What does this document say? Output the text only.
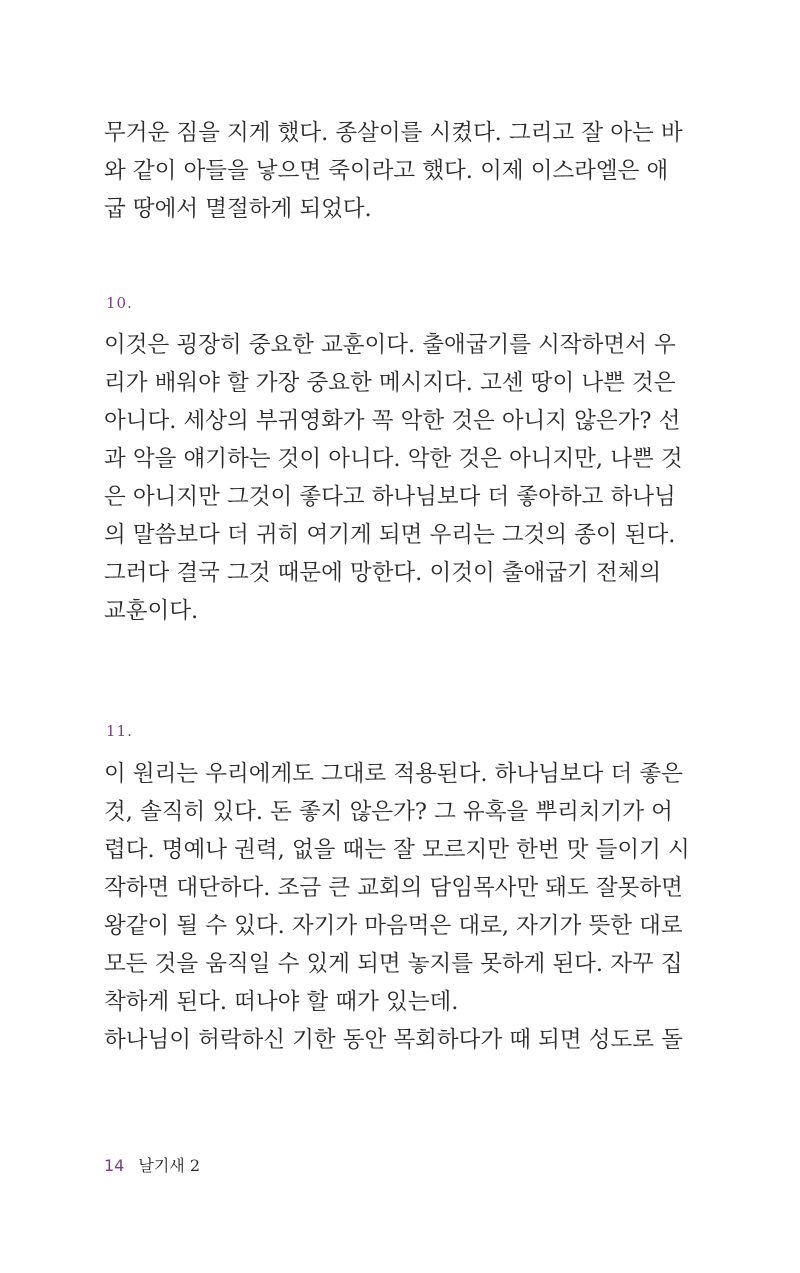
무거운 짐을 지게 했다. 종살이를 시켰다. 그리고 잘 아는 바
와 같이 아들을 낳으면 죽이라고 했다. 이제 이스라엘은 애
굽 땅에서 멸절하게 되었다.
10.
이것은 굉장히 중요한 교훈이다. 출애굽기를 시작하면서 우
리가 배워야 할 가장 중요한 메시지다. 고센 땅이 나쁜 것은
아니다. 세상의 부귀영화가 꼭 악한 것은 아니지 않은가? 선
과 악을 얘기하는 것이 아니다. 악한 것은 아니지만, 나쁜 것
은 아니지만 그것이 좋다고 하나님보다 더 좋아하고 하나님
의 말씀보다 더 귀히 여기게 되면 우리는 그것의 종이 된다.
그러다 결국 그것 때문에 망한다. 이것이 출애굽기 전체의
교훈이다.
11.
이 원리는 우리에게도 그대로 적용된다. 하나님보다 더 좋은
것, 솔직히 있다. 돈 좋지 않은가? 그 유혹을 뿌리치기가 어
렵다. 명예나 권력, 없을 때는 잘 모르지만 한번 맛 들이기 시
작하면 대단하다. 조금 큰 교회의 담임목사만 돼도 잘못하면
왕같이 될 수 있다. 자기가 마음먹은 대로, 자기가 뜻한 대로
모든 것을 움직일 수 있게 되면 놓지를 못하게 된다. 자꾸 집
착하게 된다. 떠나야 할 때가 있는데.
하나님이 허락하신 기한 동안 목회하다가 때 되면 성도로 돌
14 날기새 2
